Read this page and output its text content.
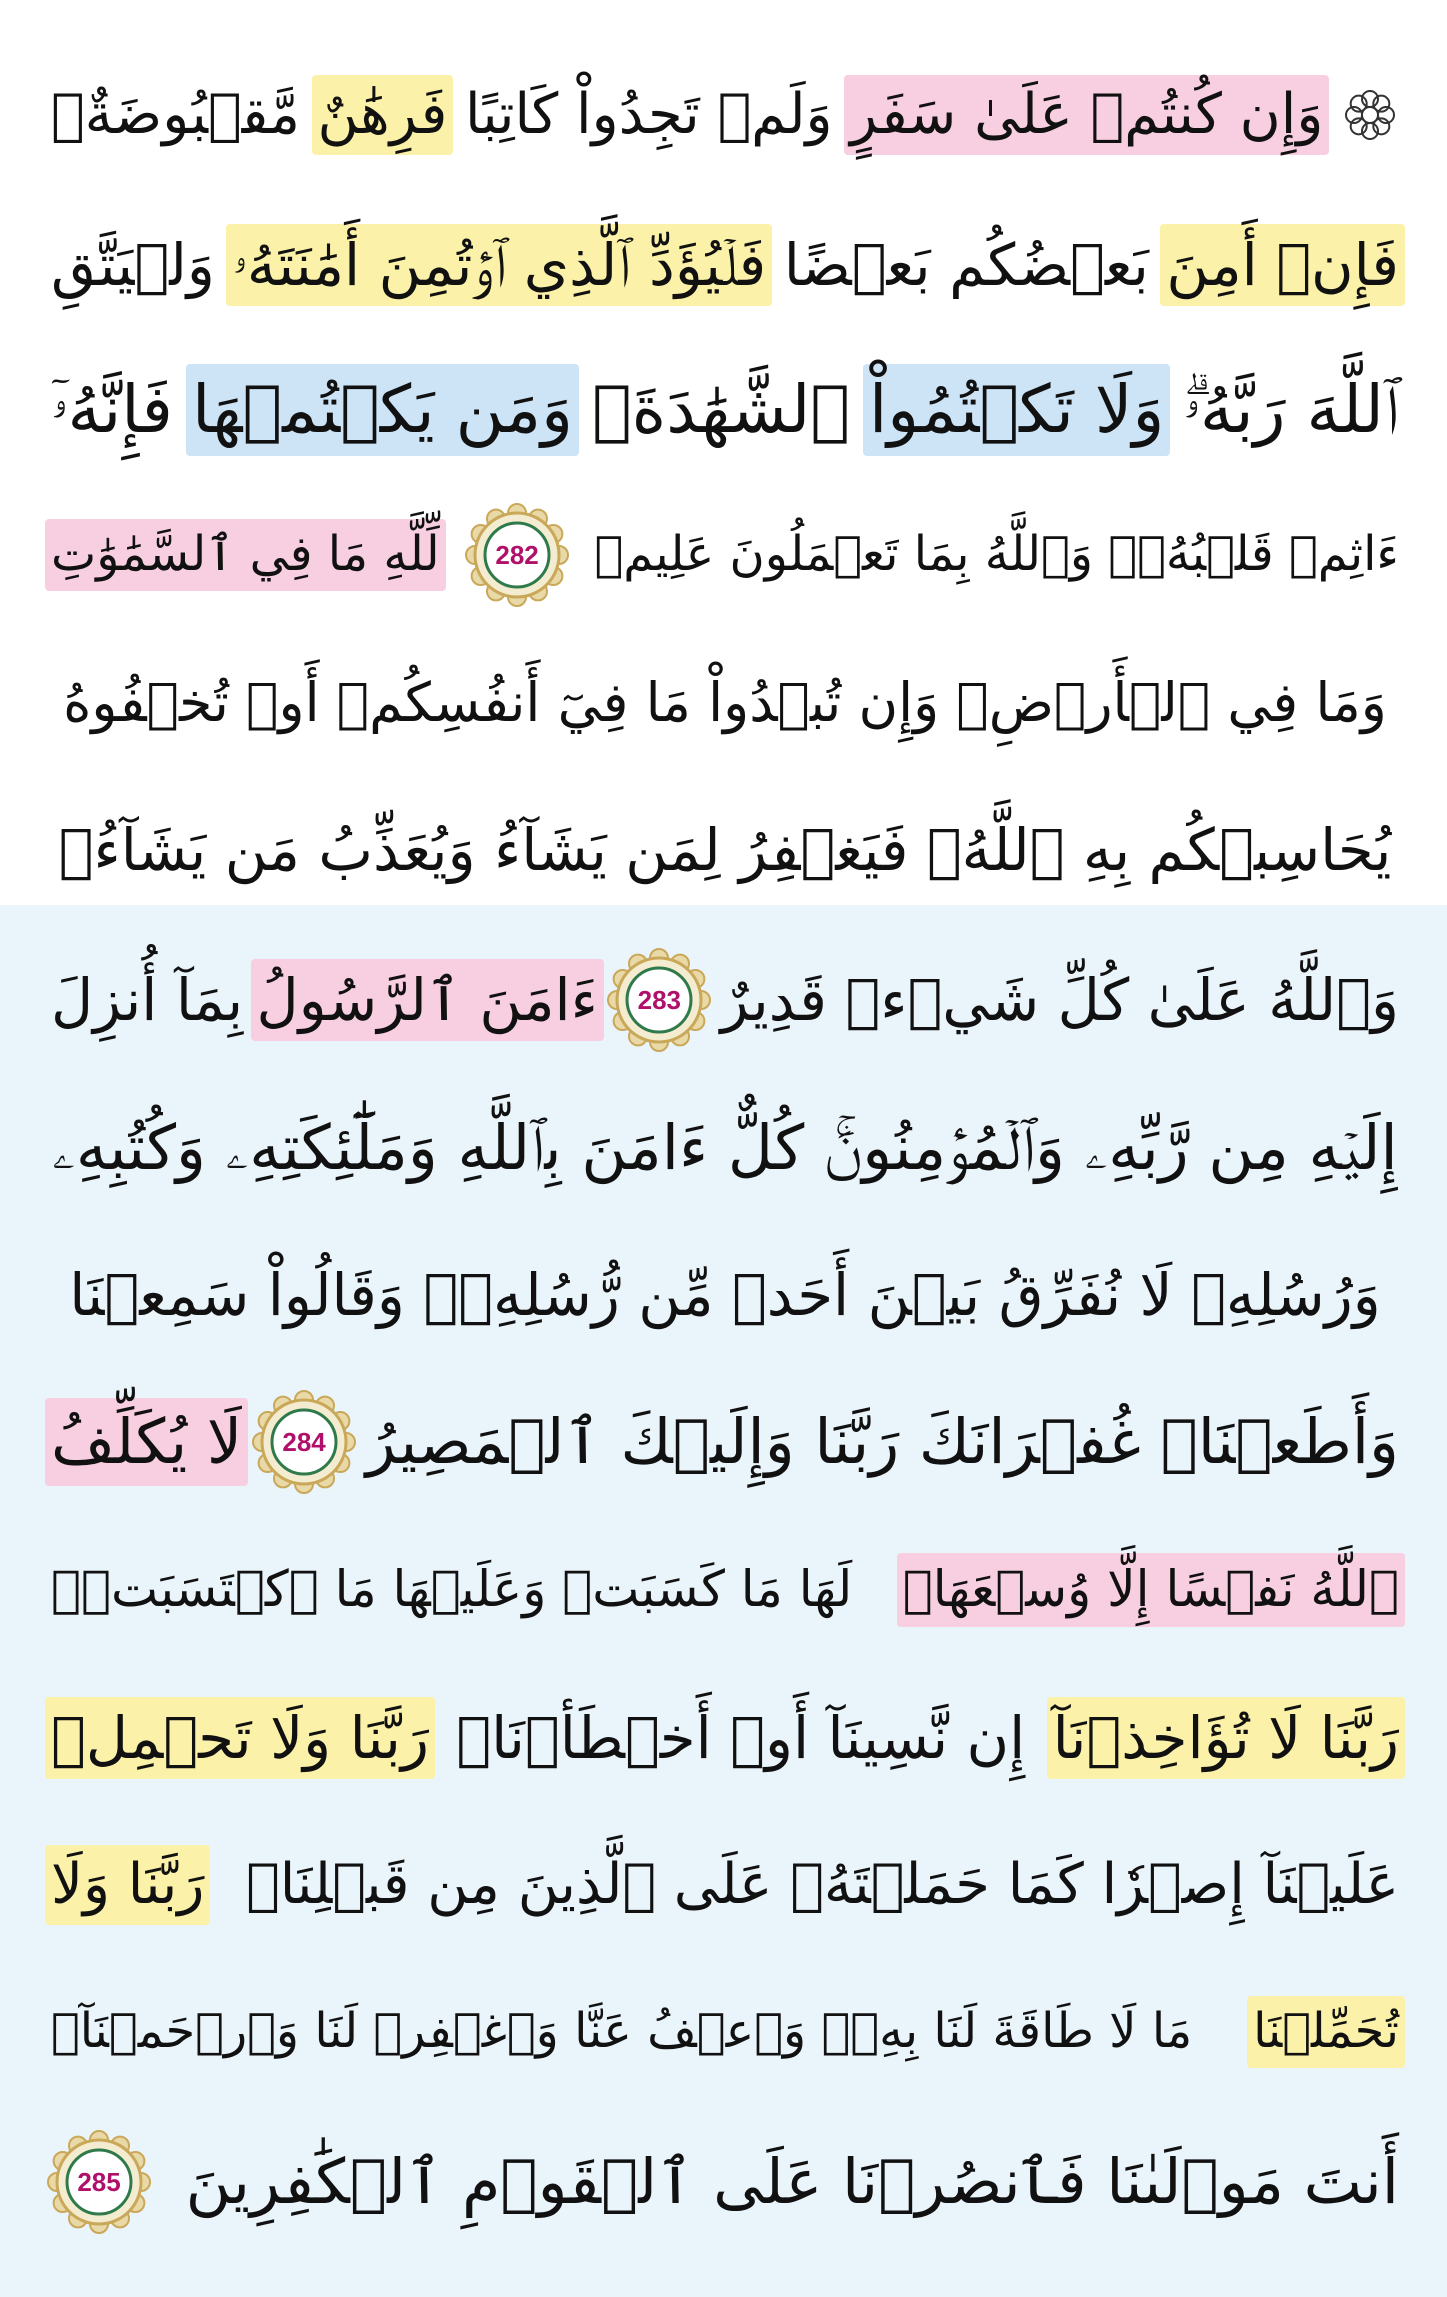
وَإِن كُنتُمۡ عَلَىٰ سَفَرٍ
وَلَمۡ تَجِدُواْ كَاتِبًا
فَرِهَٰنٌ
مَّقۡبُوضَةٌۖ
فَإِنۡ أَمِنَ
بَعۡضُكُم بَعۡضًا
فَلۡيُؤَدِّ ٱلَّذِي ٱؤۡتُمِنَ أَمَٰنَتَهُۥ
وَلۡيَتَّقِ
ٱللَّهَ رَبَّهُۥۗ
وَلَا تَكۡتُمُواْ
ٱلشَّهَٰدَةَۚ
وَمَن يَكۡتُمۡهَا
فَإِنَّهُۥٓ
ءَاثِمٞ قَلۡبُهُۥۗ وَٱللَّهُ بِمَا تَعۡمَلُونَ عَلِيمٞ
282
لِّلَّهِ مَا فِي ٱلسَّمَٰوَٰتِ
وَمَا فِي ٱلۡأَرۡضِۗ وَإِن تُبۡدُواْ مَا فِيٓ أَنفُسِكُمۡ أَوۡ تُخۡفُوهُ
يُحَاسِبۡكُم بِهِ ٱللَّهُۖ فَيَغۡفِرُ لِمَن يَشَآءُ وَيُعَذِّبُ مَن يَشَآءُۗ
وَٱللَّهُ عَلَىٰ كُلِّ شَيۡءٖ قَدِيرٌ
283
ءَامَنَ ٱلرَّسُولُ
بِمَآ أُنزِلَ
إِلَيۡهِ مِن رَّبِّهِۦ وَٱلۡمُؤۡمِنُونَۚ كُلٌّ ءَامَنَ بِٱللَّهِ وَمَلَٰٓئِكَتِهِۦ وَكُتُبِهِۦ
وَرُسُلِهِۦ لَا نُفَرِّقُ بَيۡنَ أَحَدٖ مِّن رُّسُلِهِۦۚ وَقَالُواْ سَمِعۡنَا
وَأَطَعۡنَاۖ غُفۡرَانَكَ رَبَّنَا وَإِلَيۡكَ ٱلۡمَصِيرُ
284
لَا يُكَلِّفُ
ٱللَّهُ نَفۡسًا إِلَّا وُسۡعَهَاۚ
لَهَا مَا كَسَبَتۡ وَعَلَيۡهَا مَا ٱكۡتَسَبَتۡۗ
رَبَّنَا لَا تُؤَاخِذۡنَآ
إِن نَّسِينَآ أَوۡ أَخۡطَأۡنَاۚ
رَبَّنَا وَلَا تَحۡمِلۡ
عَلَيۡنَآ إِصۡرٗا كَمَا حَمَلۡتَهُۥ عَلَى ٱلَّذِينَ مِن قَبۡلِنَاۚ
رَبَّنَا وَلَا
تُحَمِّلۡنَا
مَا لَا طَاقَةَ لَنَا بِهِۦۖ وَٱعۡفُ عَنَّا وَٱغۡفِرۡ لَنَا وَٱرۡحَمۡنَآۚ
أَنتَ مَوۡلَىٰنَا فَٱنصُرۡنَا عَلَى ٱلۡقَوۡمِ ٱلۡكَٰفِرِينَ
285
